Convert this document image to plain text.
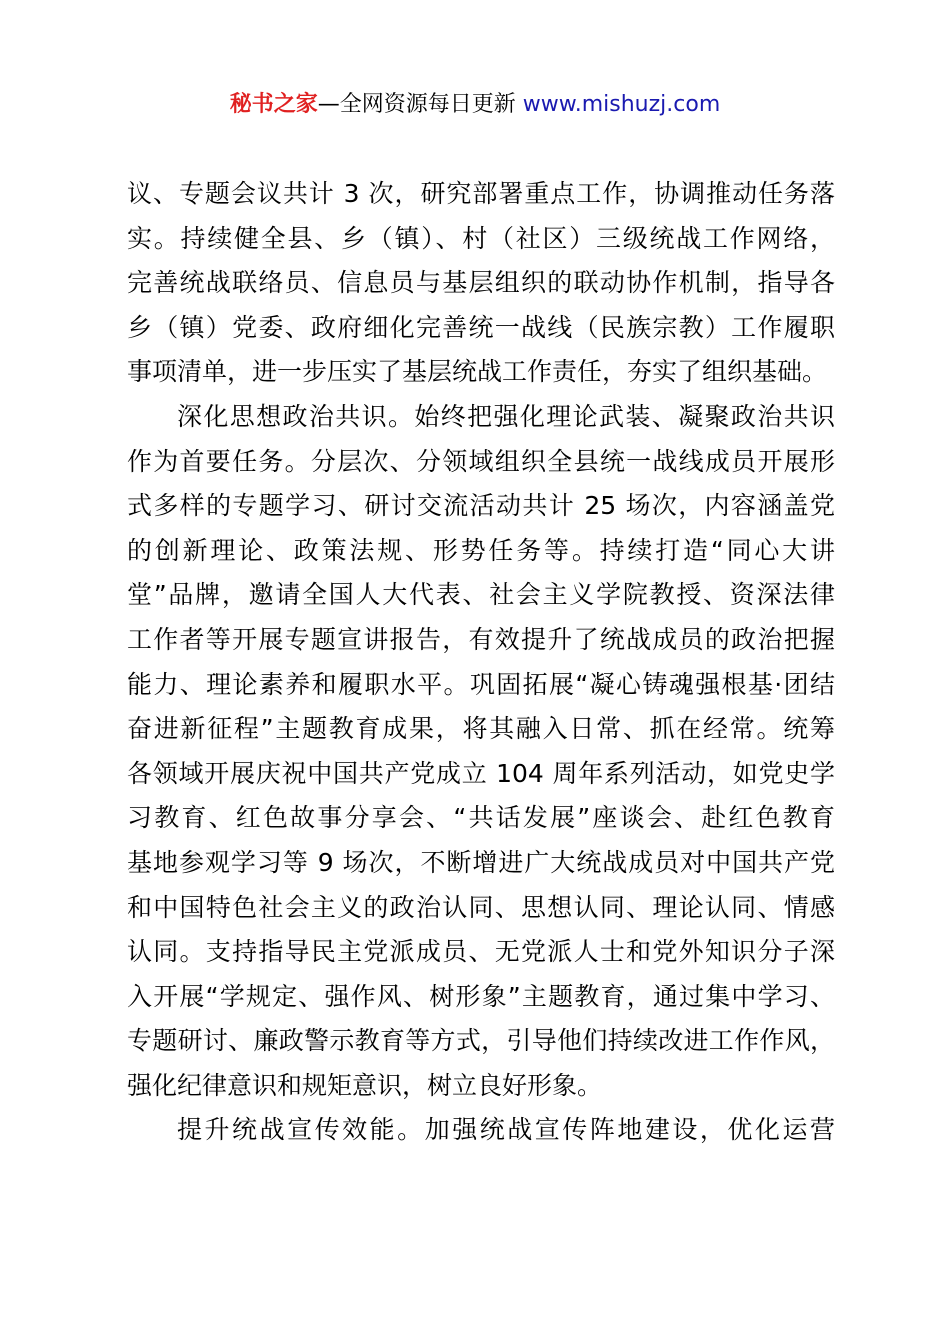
秘书之家—全网资源每日更新 www.mishuzj.com
议、专题会议共计 3 次，研究部署重点工作，协调推动任务落
实。持续健全县、乡（镇）、村（社区）三级统战工作网络，
完善统战联络员、信息员与基层组织的联动协作机制，指导各
乡（镇）党委、政府细化完善统一战线（民族宗教）工作履职
事项清单，进一步压实了基层统战工作责任，夯实了组织基础。
深化思想政治共识。始终把强化理论武装、凝聚政治共识
作为首要任务。分层次、分领域组织全县统一战线成员开展形
式多样的专题学习、研讨交流活动共计 25 场次，内容涵盖党
的创新理论、政策法规、形势任务等。持续打造“同心大讲
堂”品牌，邀请全国人大代表、社会主义学院教授、资深法律
工作者等开展专题宣讲报告，有效提升了统战成员的政治把握
能力、理论素养和履职水平。巩固拓展“凝心铸魂强根基·团结
奋进新征程”主题教育成果，将其融入日常、抓在经常。统筹
各领域开展庆祝中国共产党成立 104 周年系列活动，如党史学
习教育、红色故事分享会、“共话发展”座谈会、赴红色教育
基地参观学习等 9 场次，不断增进广大统战成员对中国共产党
和中国特色社会主义的政治认同、思想认同、理论认同、情感
认同。支持指导民主党派成员、无党派人士和党外知识分子深
入开展“学规定、强作风、树形象”主题教育，通过集中学习、
专题研讨、廉政警示教育等方式，引导他们持续改进工作作风，
强化纪律意识和规矩意识，树立良好形象。
提升统战宣传效能。加强统战宣传阵地建设，优化运营
